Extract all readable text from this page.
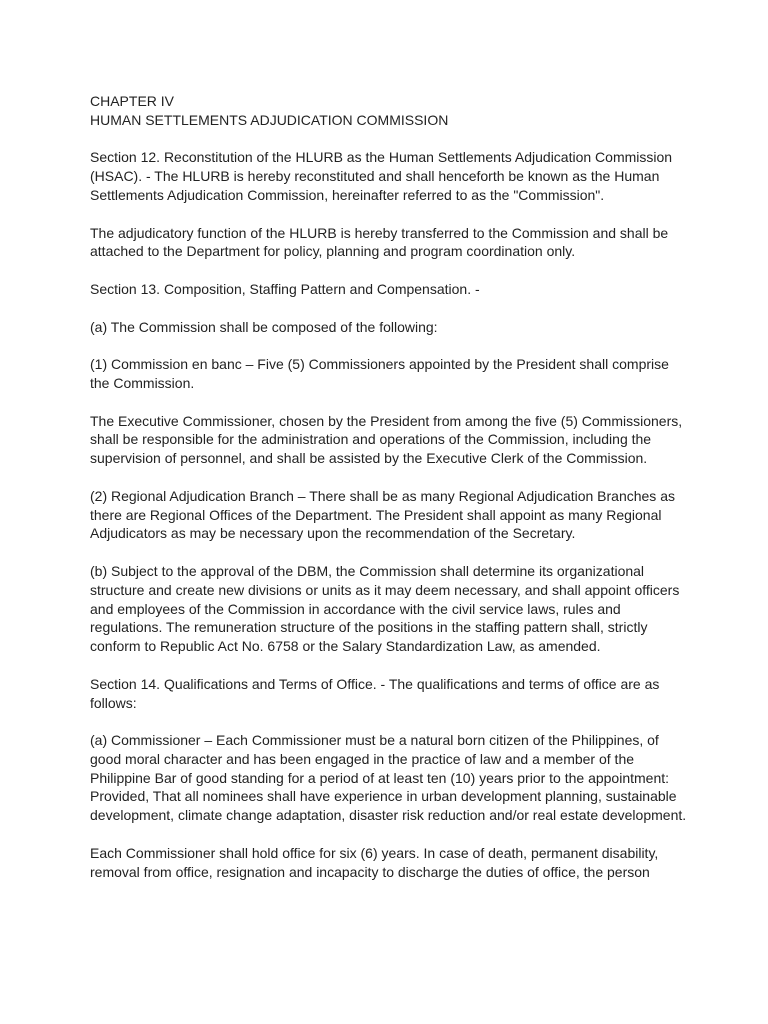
CHAPTER IV
HUMAN SETTLEMENTS ADJUDICATION COMMISSION

Section 12. Reconstitution of the HLURB as the Human Settlements Adjudication Commission (HSAC). - The HLURB is hereby reconstituted and shall henceforth be known as the Human Settlements Adjudication Commission, hereinafter referred to as the "Commission".

The adjudicatory function of the HLURB is hereby transferred to the Commission and shall be attached to the Department for policy, planning and program coordination only.

Section 13. Composition, Staffing Pattern and Compensation. -

(a) The Commission shall be composed of the following:

(1) Commission en banc – Five (5) Commissioners appointed by the President shall comprise the Commission.

The Executive Commissioner, chosen by the President from among the five (5) Commissioners, shall be responsible for the administration and operations of the Commission, including the supervision of personnel, and shall be assisted by the Executive Clerk of the Commission.

(2) Regional Adjudication Branch – There shall be as many Regional Adjudication Branches as there are Regional Offices of the Department. The President shall appoint as many Regional Adjudicators as may be necessary upon the recommendation of the Secretary.

(b) Subject to the approval of the DBM, the Commission shall determine its organizational structure and create new divisions or units as it may deem necessary, and shall appoint officers and employees of the Commission in accordance with the civil service laws, rules and regulations. The remuneration structure of the positions in the staffing pattern shall, strictly conform to Republic Act No. 6758 or the Salary Standardization Law, as amended.

Section 14. Qualifications and Terms of Office. - The qualifications and terms of office are as follows:

(a) Commissioner – Each Commissioner must be a natural born citizen of the Philippines, of good moral character and has been engaged in the practice of law and a member of the Philippine Bar of good standing for a period of at least ten (10) years prior to the appointment: Provided, That all nominees shall have experience in urban development planning, sustainable development, climate change adaptation, disaster risk reduction and/or real estate development.

Each Commissioner shall hold office for six (6) years. In case of death, permanent disability, removal from office, resignation and incapacity to discharge the duties of office, the person
